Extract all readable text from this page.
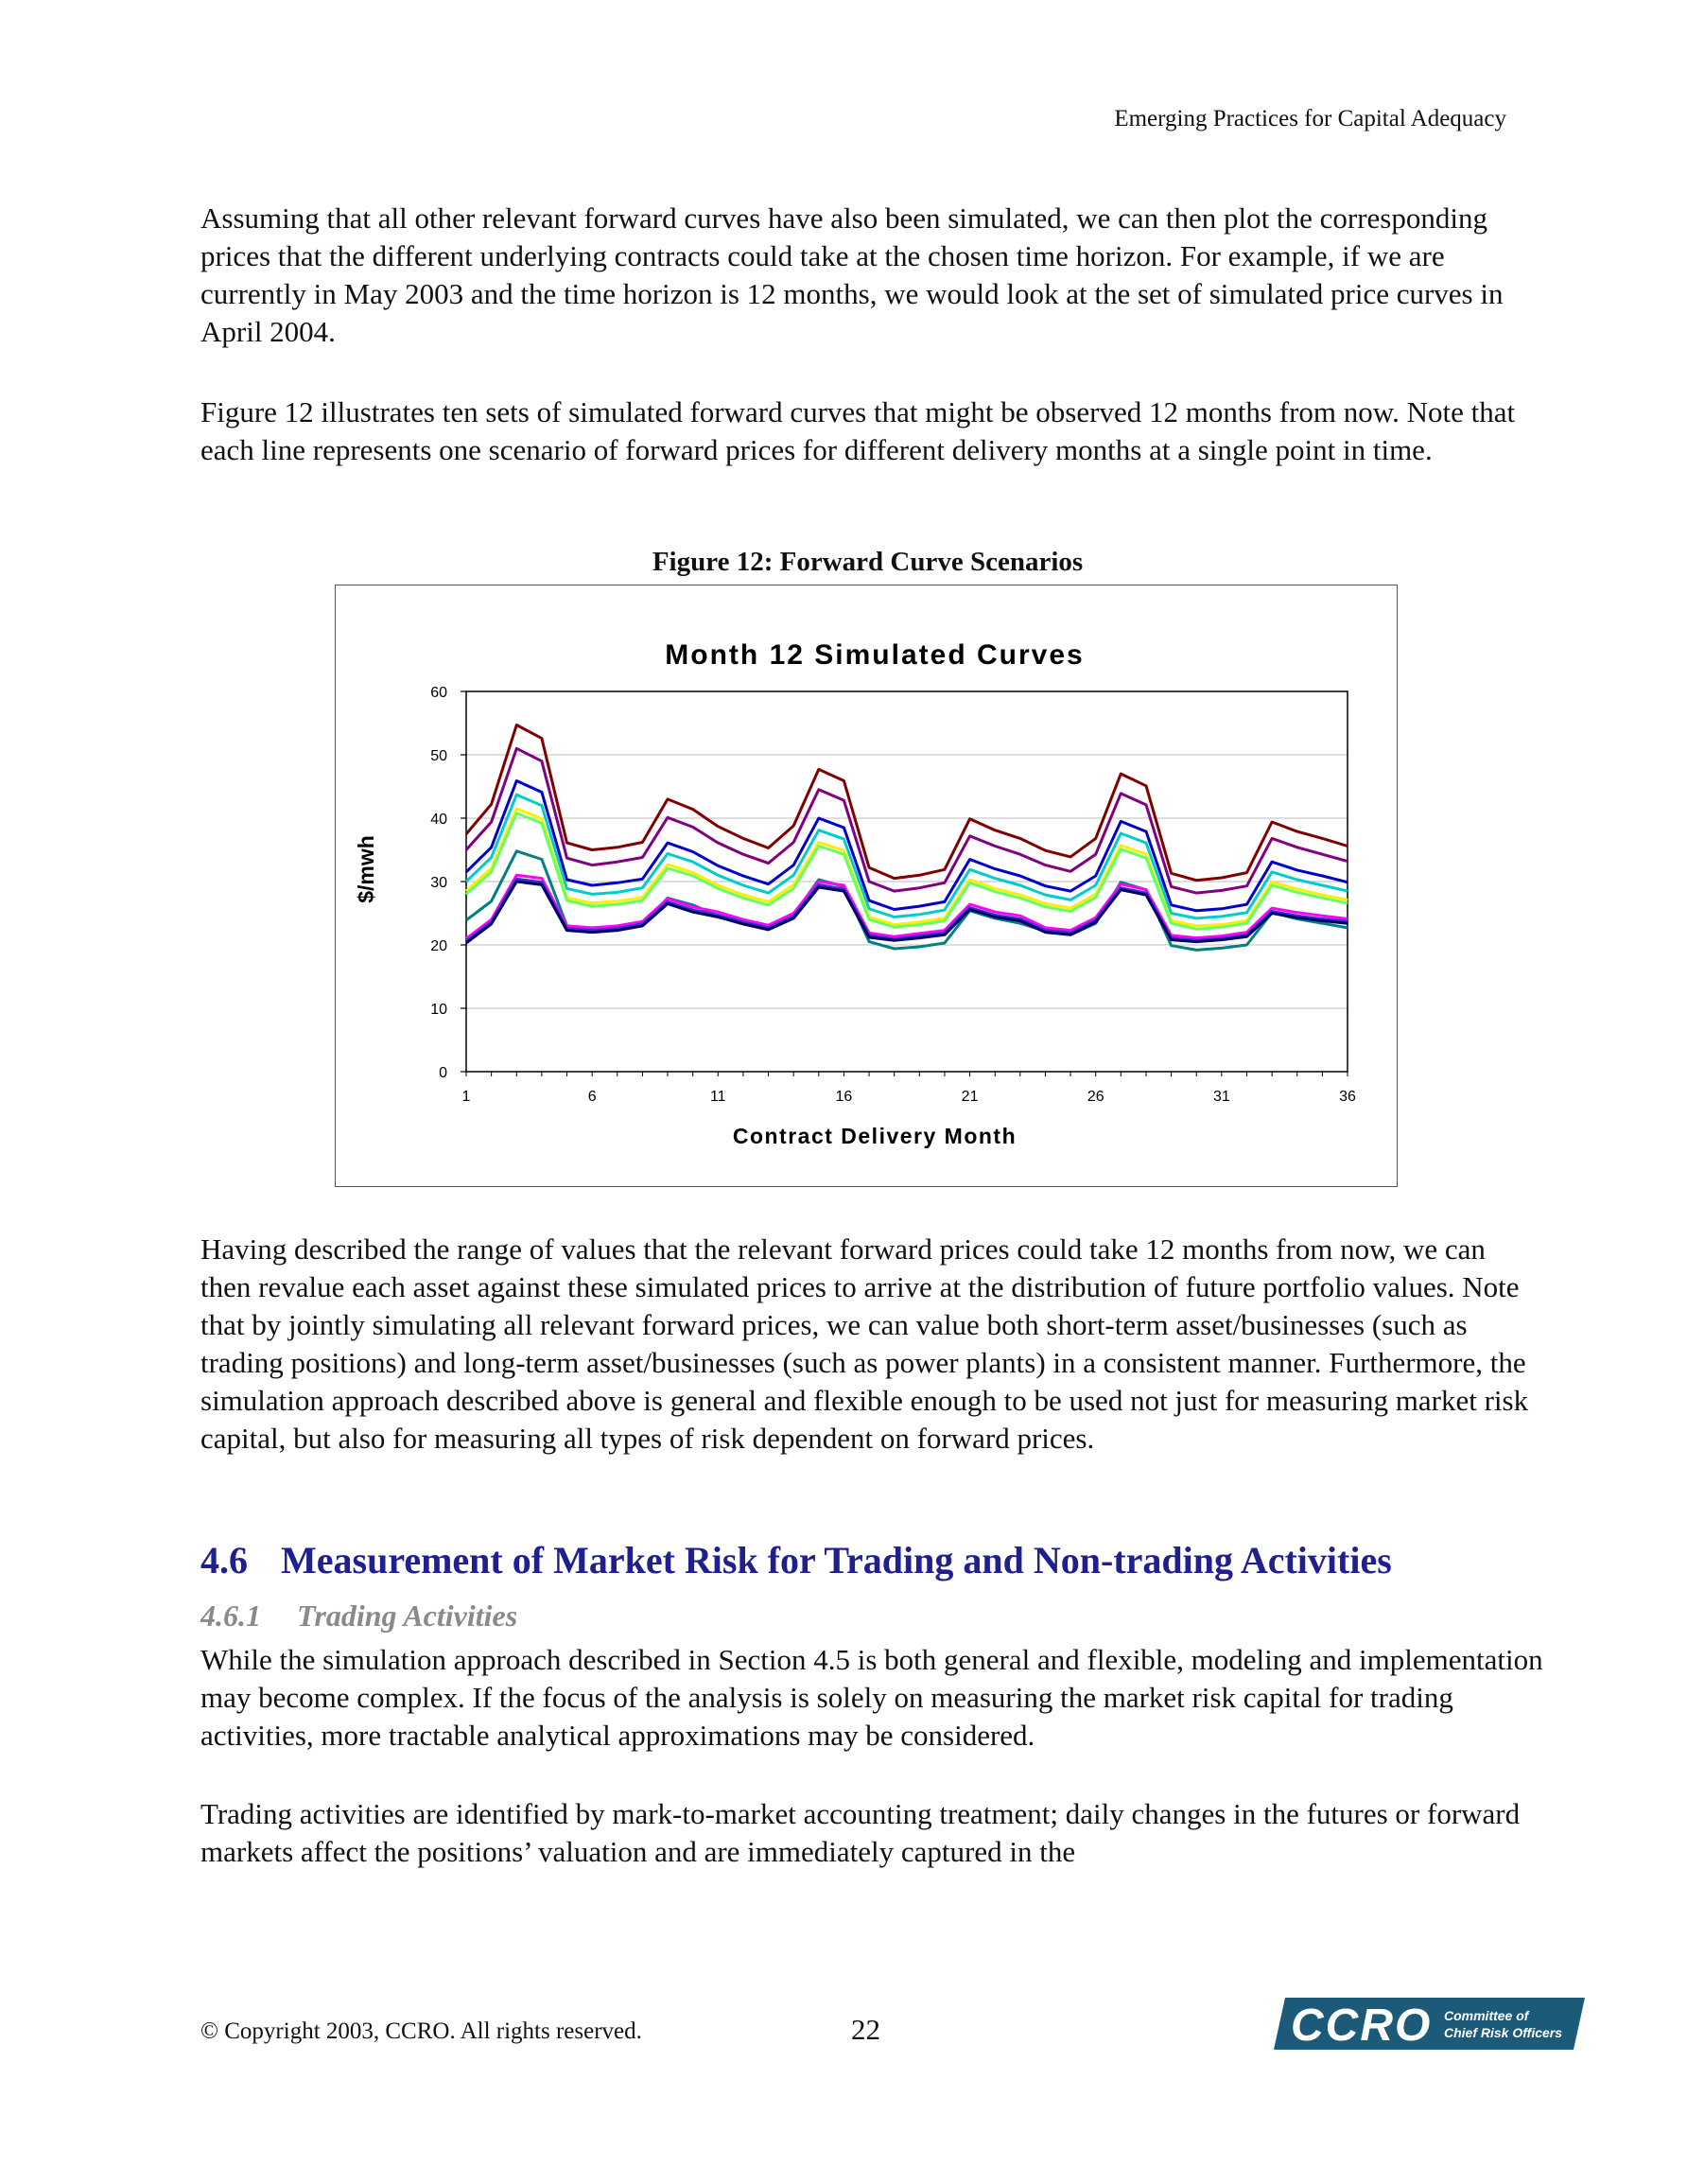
Emerging Practices for Capital Adequacy

Assuming that all other relevant forward curves have also been simulated, we can then plot the corresponding prices that the different underlying contracts could take at the chosen time horizon. For example, if we are currently in May 2003 and the time horizon is 12 months, we would look at the set of simulated price curves in April 2004.

Figure 12 illustrates ten sets of simulated forward curves that might be observed 12 months from now. Note that each line represents one scenario of forward prices for different delivery months at a single point in time.

Figure 12: Forward Curve Scenarios
Month 12 Simulated Curves
0
10
20
30
40
50
60
1	6	11	16	21	26	31	36
Contract Delivery Month
$/mwh

Having described the range of values that the relevant forward prices could take 12 months from now, we can then revalue each asset against these simulated prices to arrive at the distribution of future portfolio values. Note that by jointly simulating all relevant forward prices, we can value both short-term asset/businesses (such as trading positions) and long-term asset/businesses (such as power plants) in a consistent manner. Furthermore, the simulation approach described above is general and flexible enough to be used not just for measuring market risk capital, but also for measuring all types of risk dependent on forward prices.

4.6 Measurement of Market Risk for Trading and Non-trading Activities
4.6.1 Trading Activities

While the simulation approach described in Section 4.5 is both general and flexible, modeling and implementation may become complex. If the focus of the analysis is solely on measuring the market risk capital for trading activities, more tractable analytical approximations may be considered.

Trading activities are identified by mark-to-market accounting treatment; daily changes in the futures or forward markets affect the positions’ valuation and are immediately captured in the

© Copyright 2003, CCRO. All rights reserved.	22	CCRO Committee of
Chief Risk Officers
